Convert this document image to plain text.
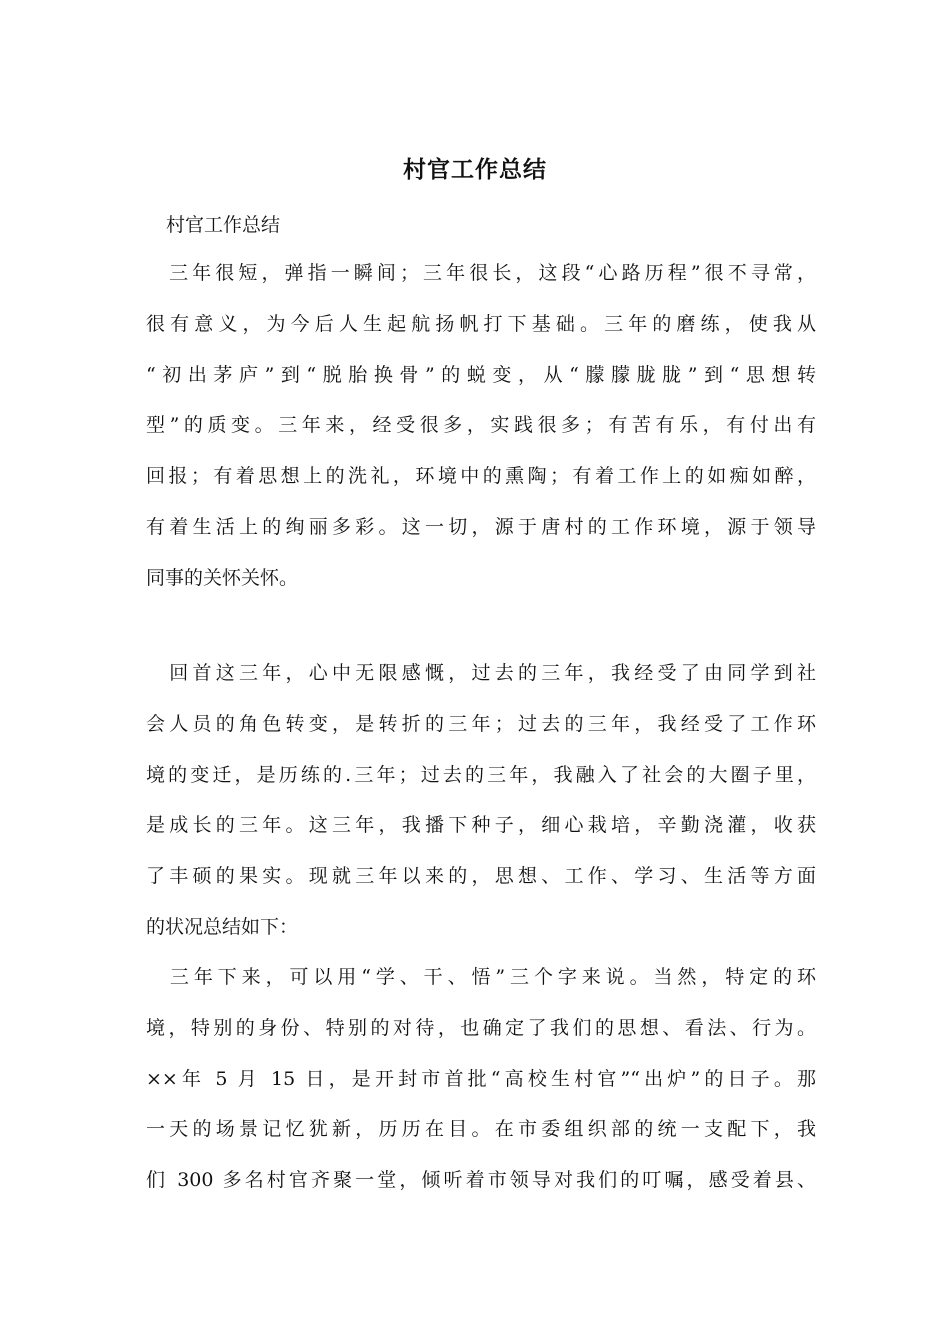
村官工作总结
村官工作总结
　三年很短，弹指一瞬间；三年很长，这段“心路历程”很不寻常，
很有意义，为今后人生起航扬帆打下基础。三年的磨练，使我从
“初出茅庐”到“脱胎换骨”的蜕变，从“朦朦胧胧”到“思想转
型”的质变。三年来，经受很多，实践很多；有苦有乐，有付出有
回报；有着思想上的洗礼，环境中的熏陶；有着工作上的如痴如醉，
有着生活上的绚丽多彩。这一切，源于唐村的工作环境，源于领导
同事的关怀关怀。
　回首这三年，心中无限感慨，过去的三年，我经受了由同学到社
会人员的角色转变，是转折的三年；过去的三年，我经受了工作环
境的变迁，是历练的.三年；过去的三年，我融入了社会的大圈子里，
是成长的三年。这三年，我播下种子，细心栽培，辛勤浇灌，收获
了丰硕的果实。现就三年以来的，思想、工作、学习、生活等方面
的状况总结如下：
　三年下来，可以用“学、干、悟”三个字来说。当然，特定的环
境，特别的身份、特别的对待，也确定了我们的思想、看法、行为。
××年 5 月 15 日，是开封市首批“高校生村官”“出炉”的日子。那
一天的场景记忆犹新，历历在目。在市委组织部的统一支配下，我
们 300 多名村官齐聚一堂，倾听着市领导对我们的叮嘱，感受着县、
